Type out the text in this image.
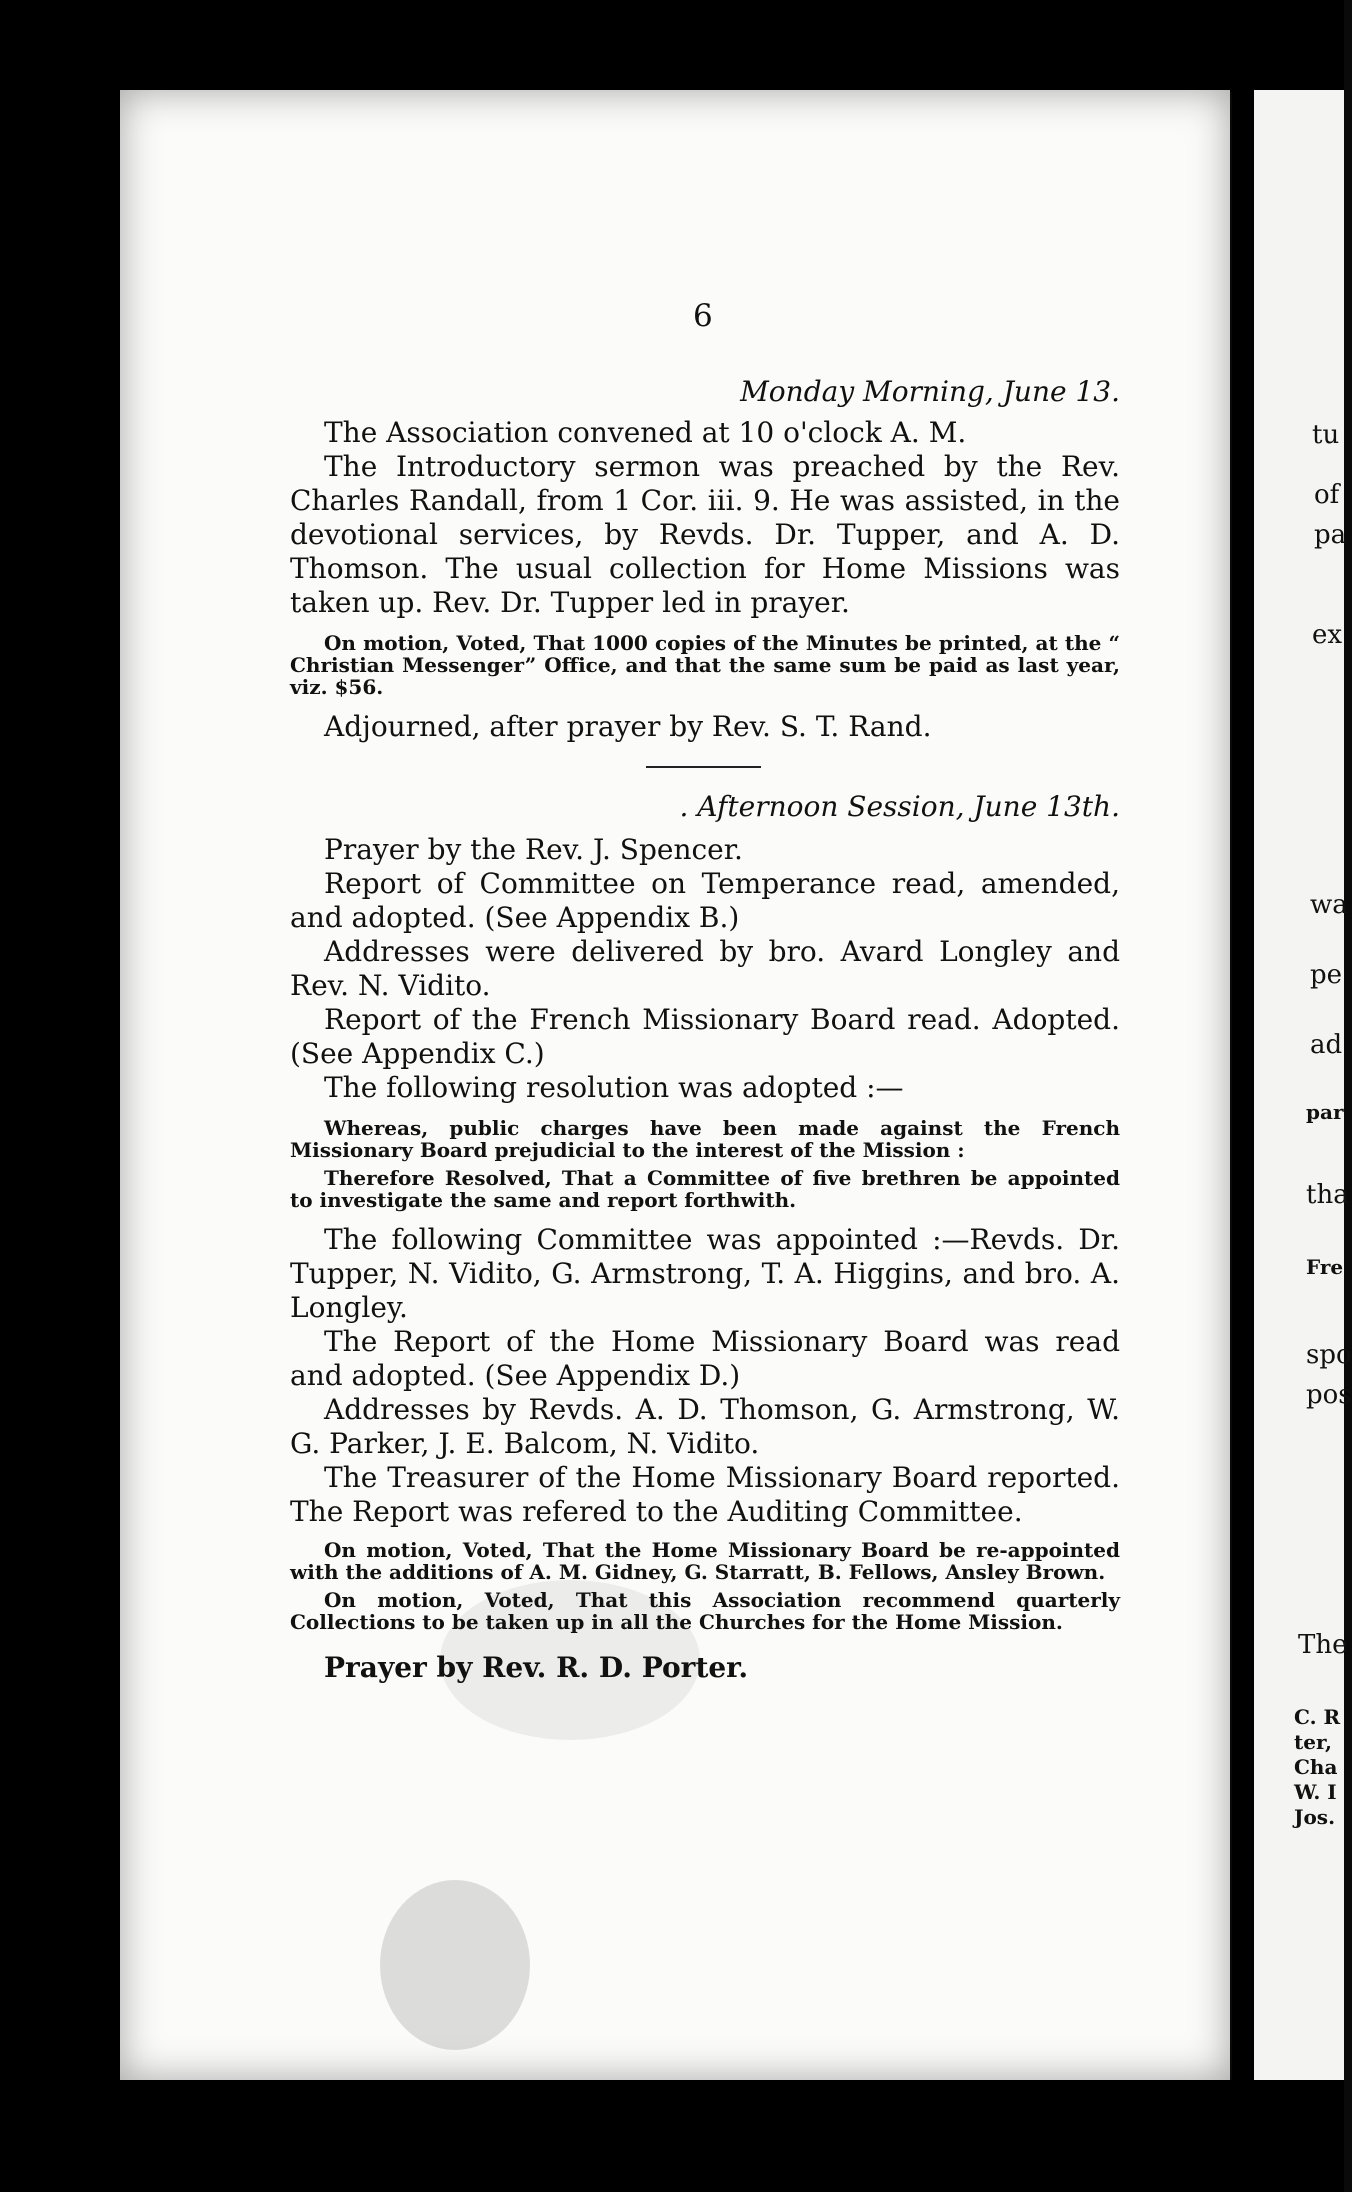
6

Monday Morning, June 13.

The Association convened at 10 o'clock A. M.

The Introductory sermon was preached by the Rev. Charles Randall, from 1 Cor. iii. 9. He was assisted, in the devotional services, by Revds. Dr. Tupper, and A. D. Thomson. The usual collection for Home Missions was taken up. Rev. Dr. Tupper led in prayer.

On motion, Voted, That 1000 copies of the Minutes be printed, at the “ Christian Messenger” Office, and that the same sum be paid as last year, viz. $56.

Adjourned, after prayer by Rev. S. T. Rand.

. Afternoon Session, June 13th.

Prayer by the Rev. J. Spencer.

Report of Committee on Temperance read, amended, and adopted. (See Appendix B.)

Addresses were delivered by bro. Avard Longley and Rev. N. Vidito.

Report of the French Missionary Board read. Adopted. (See Appendix C.)

The following resolution was adopted :—

Whereas, public charges have been made against the French Missionary Board prejudicial to the interest of the Mission :

Therefore Resolved, That a Committee of five brethren be appointed to investigate the same and report forthwith.

The following Committee was appointed :—Revds. Dr. Tupper, N. Vidito, G. Armstrong, T. A. Higgins, and bro. A. Longley.

The Report of the Home Missionary Board was read and adopted. (See Appendix D.)

Addresses by Revds. A. D. Thomson, G. Armstrong, W. G. Parker, J. E. Balcom, N. Vidito.

The Treasurer of the Home Missionary Board reported. The Report was refered to the Auditing Committee.

On motion, Voted, That the Home Missionary Board be re-appointed with the additions of A. M. Gidney, G. Starratt, B. Fellows, Ansley Brown.

On motion, Voted, That this Association recommend quarterly Collections to be taken up in all the Churches for the Home Mission.

Prayer by Rev. R. D. Porter.

tu
of
pa
ex
wa
pe
ad
par
tha
Fre
spo
pos
The
C. R
ter,
Cha
W. I
Jos.
